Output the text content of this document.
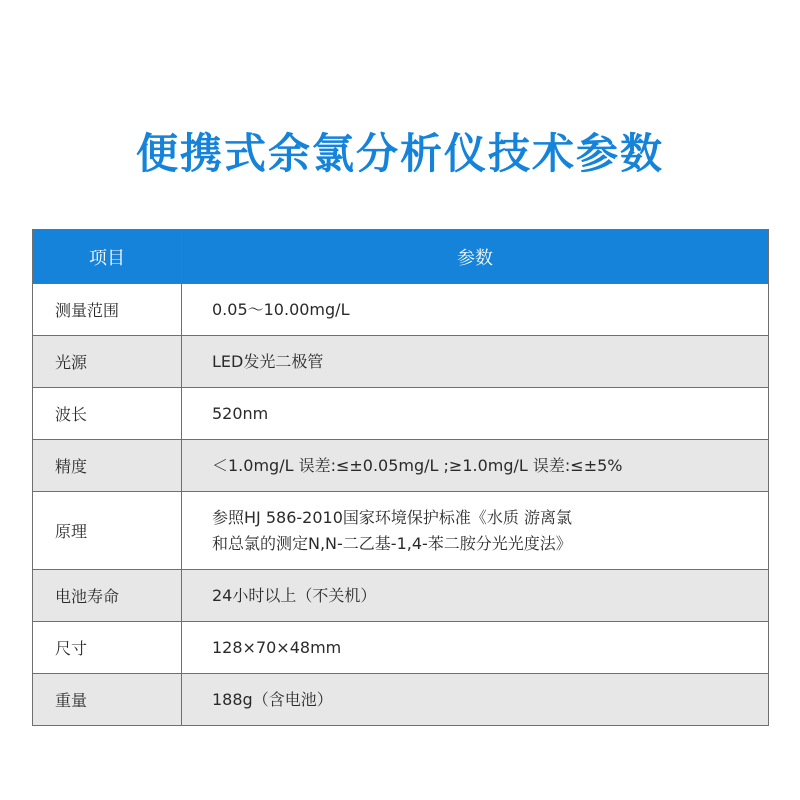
便携式余氯分析仪技术参数
项目	参数
测量范围	0.05～10.00mg/L

光源	LED发光二极管

波长	520nm

精度	＜1.0mg/L 误差:≤±0.05mg/L ;≥1.0mg/L 误差:≤±5%

原理	参照HJ 586-2010国家环境保护标准《水质 游离氯
和总氯的测定N,N-二乙基-1,4-苯二胺分光光度法》

电池寿命	24小时以上（不关机）

尺寸	128×70×48mm

重量	188g（含电池）
